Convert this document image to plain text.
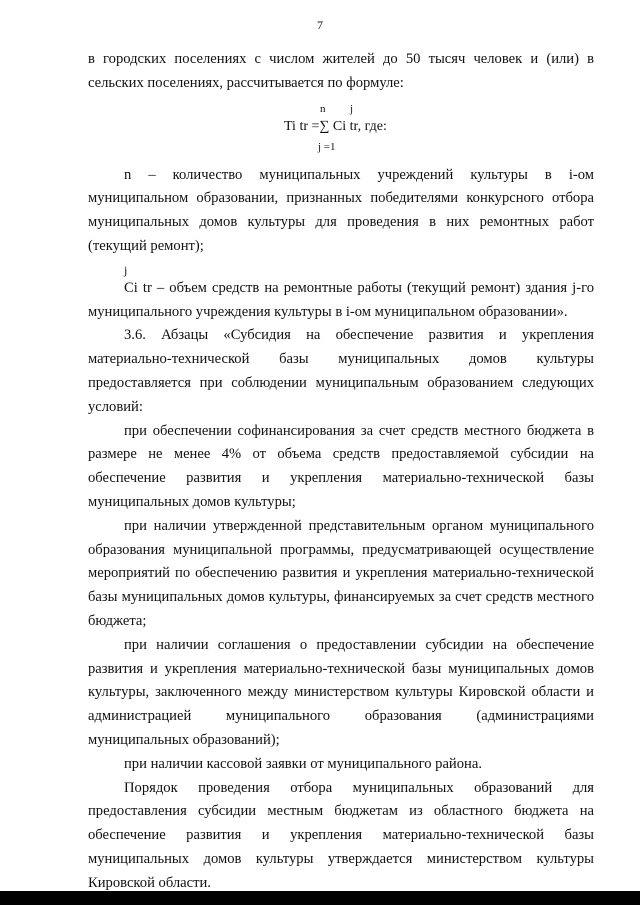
7

в городских поселениях с числом жителей до 50 тысяч человек и (или) в сельских поселениях, рассчитывается по формуле:

n j
Ti tr =∑ Ci tr, где:
j =1

n – количество муниципальных учреждений культуры в i-ом муниципальном образовании, признанных победителями конкурсного отбора муниципальных домов культуры для проведения в них ремонтных работ (текущий ремонт);

j

Ci tr – объем средств на ремонтные работы (текущий ремонт) здания j-го муниципального учреждения культуры в i-ом муниципальном образовании».

3.6. Абзацы «Субсидия на обеспечение развития и укрепления материально-технической базы муниципальных домов культуры предоставляется при соблюдении муниципальным образованием следующих условий:

при обеспечении софинансирования за счет средств местного бюджета в размере не менее 4% от объема средств предоставляемой субсидии на обеспечение развития и укрепления материально-технической базы муниципальных домов культуры;

при наличии утвержденной представительным органом муниципального образования муниципальной программы, предусматривающей осуществление мероприятий по обеспечению развития и укрепления материально-технической базы муниципальных домов культуры, финансируемых за счет средств местного бюджета;

при наличии соглашения о предоставлении субсидии на обеспечение развития и укрепления материально-технической базы муниципальных домов культуры, заключенного между министерством культуры Кировской области и администрацией муниципального образования (администрациями муниципальных образований);

при наличии кассовой заявки от муниципального района.

Порядок проведения отбора муниципальных образований для предоставления субсидии местным бюджетам из областного бюджета на обеспечение развития и укрепления материально-технической базы муниципальных домов культуры утверждается министерством культуры Кировской области.
